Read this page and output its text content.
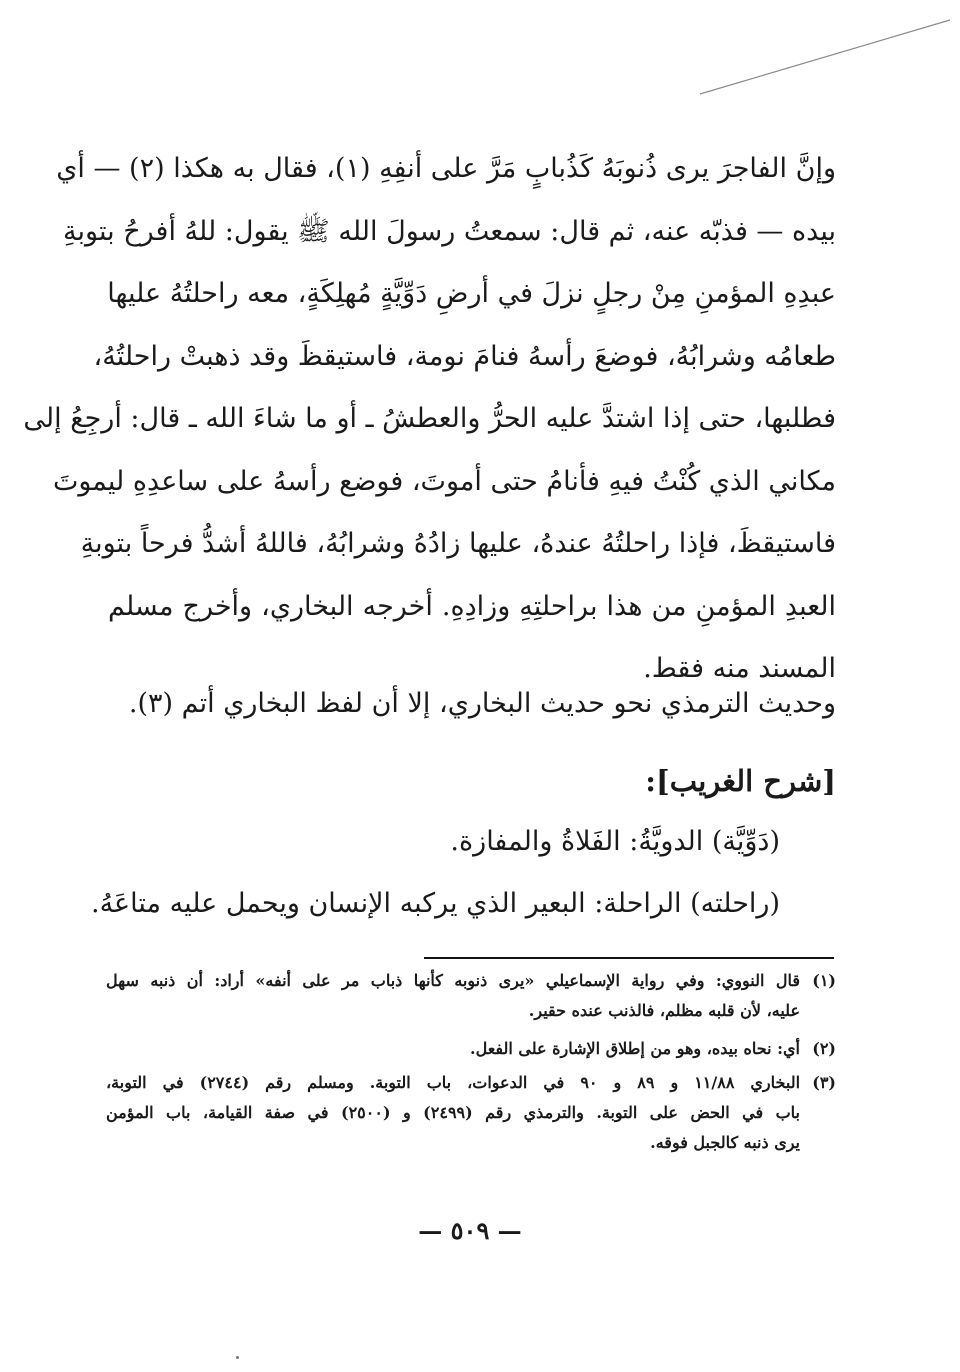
وإنَّ الفاجرَ يرى ذُنوبَهُ كَذُبابٍ مَرَّ على أنفِهِ (١)، فقال به هكذا (٢) — أي
بيده — فذبّه عنه، ثم قال: سمعتُ رسولَ الله ﷺ يقول: للهُ أفرحُ بتوبةِ
عبدِهِ المؤمنِ مِنْ رجلٍ نزلَ في أرضِ دَوِّيَّةٍ مُهلِكَةٍ، معه راحلتُهُ عليها
طعامُه وشرابُهُ، فوضعَ رأسهُ فنامَ نومة، فاستيقظَ وقد ذهبتْ راحلتُهُ،
فطلبها، حتى إذا اشتدَّ عليه الحرُّ والعطشُ ـ أو ما شاءَ الله ـ قال: أرجِعُ إلى
مكاني الذي كُنْتُ فيهِ فأنامُ حتى أموتَ، فوضع رأسهُ على ساعدِهِ ليموتَ
فاستيقظَ، فإذا راحلتُهُ عندهُ، عليها زادُهُ وشرابُهُ، فاللهُ أشدُّ فرحاً بتوبةِ
العبدِ المؤمنِ من هذا براحلتِهِ وزادِهِ. أخرجه البخاري، وأخرج مسلم
المسند منه فقط.
وحديث الترمذي نحو حديث البخاري، إلا أن لفظ البخاري أتم (٣).
[شرح الغريب]:
(دَوِّيَّة) الدويَّةُ: الفَلاةُ والمفازة.
(راحلته) الراحلة: البعير الذي يركبه الإنسان ويحمل عليه متاعَهُ.
(١)
قال النووي: وفي رواية الإسماعيلي «يرى ذنوبه كأنها ذباب مر على أنفه» أراد: أن ذنبه سهل
عليه، لأن قلبه مظلم، فالذنب عنده حقير.
(٢)
أي: نحاه بيده، وهو من إطلاق الإشارة على الفعل.
(٣)
البخاري ١١/٨٨ و ٨٩ و ٩٠ في الدعوات، باب التوبة. ومسلم رقم (٢٧٤٤) في التوبة،
باب في الحض على التوبة. والترمذي رقم (٢٤٩٩) و (٢٥٠٠) في صفة القيامة، باب المؤمن
يرى ذنبه كالجبل فوقه.
— ٥٠٩ —
